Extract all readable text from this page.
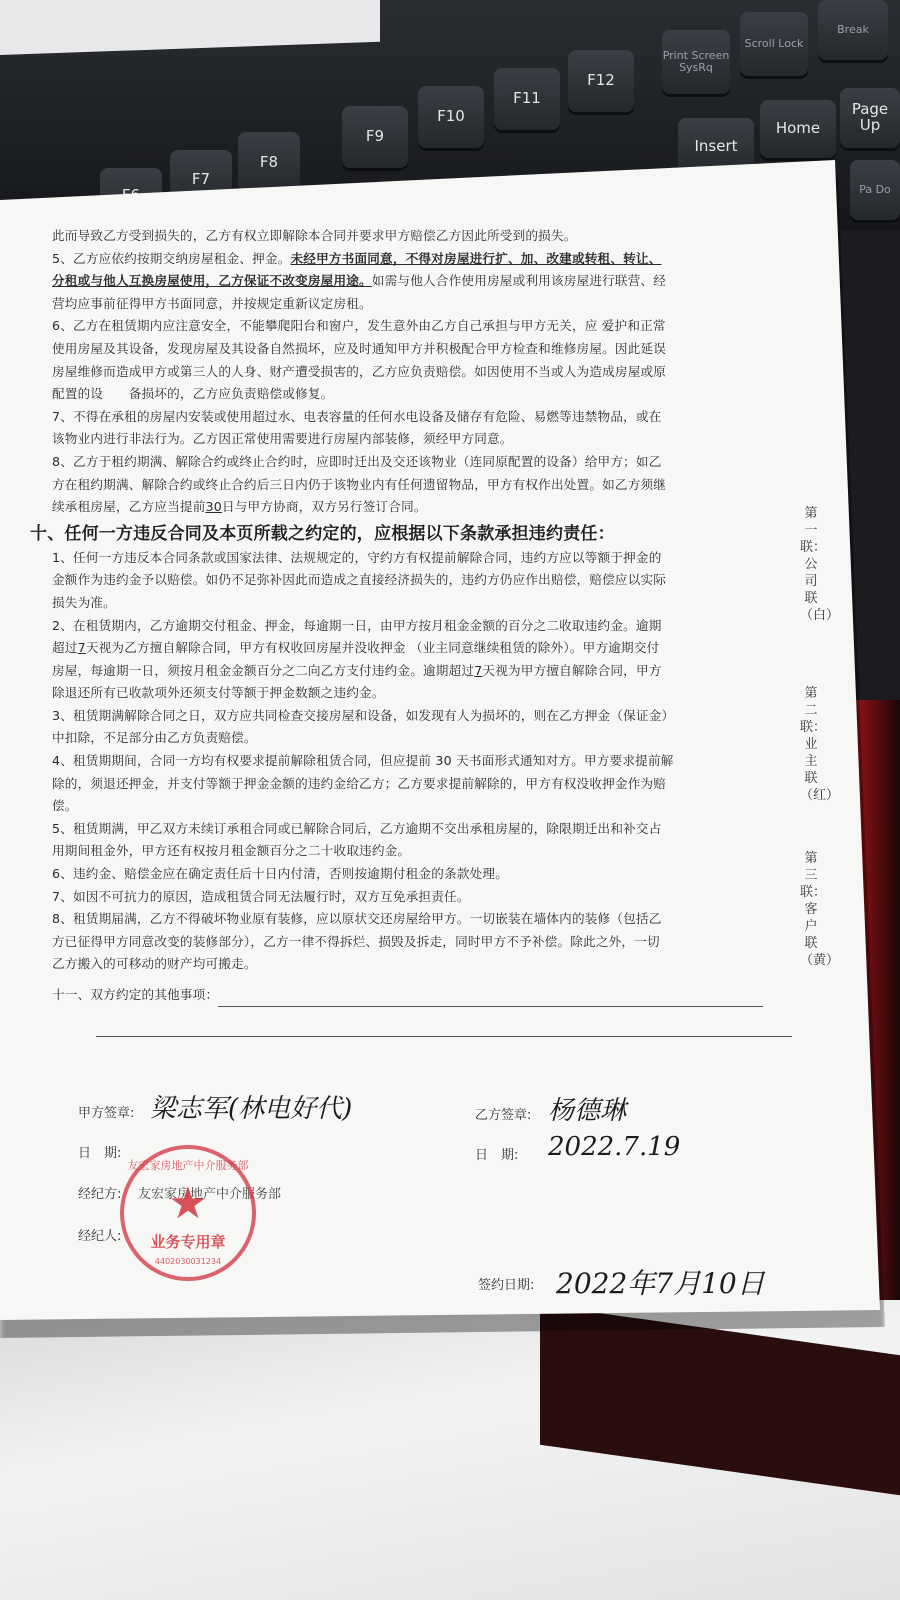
F7
F8
F9
F10
F11
F12
Print Screen SysRq
Scroll Lock
Break
Insert
Home
Page Up
Pa Do

此而导致乙方受到损失的，乙方有权立即解除本合同并要求甲方赔偿乙方因此所受到的损失。

5、乙方应依约按期交纳房屋租金、押金。未经甲方书面同意，不得对房屋进行扩、加、改建或转租、转让、

分租或与他人互换房屋使用，乙方保证不改变房屋用途。如需与他人合作使用房屋或利用该房屋进行联营、经

营均应事前征得甲方书面同意，并按规定重新议定房租。

6、乙方在租赁期内应注意安全，不能攀爬阳台和窗户，发生意外由乙方自己承担与甲方无关，应 爱护和正常

使用房屋及其设备，发现房屋及其设备自然损坏，应及时通知甲方并积极配合甲方检查和维修房屋。因此延误

房屋维修而造成甲方或第三人的人身、财产遭受损害的，乙方应负责赔偿。如因使用不当或人为造成房屋或原

配置的设　　备损坏的，乙方应负责赔偿或修复。

7、不得在承租的房屋内安装或使用超过水、电表容量的任何水电设备及储存有危险、易燃等违禁物品，或在

该物业内进行非法行为。乙方因正常使用需要进行房屋内部装修，须经甲方同意。

8、乙方于租约期满、解除合约或终止合约时，应即时迁出及交还该物业（连同原配置的设备）给甲方；如乙

方在租约期满、解除合约或终止合约后三日内仍于该物业内有任何遗留物品，甲方有权作出处置。如乙方须继

续承租房屋，乙方应当提前30日与甲方协商，双方另行签订合同。

十、任何一方违反合同及本页所载之约定的，应根据以下条款承担违约责任：

1、任何一方违反本合同条款或国家法律、法规规定的，守约方有权提前解除合同，违约方应以等额于押金的

金额作为违约金予以赔偿。如仍不足弥补因此而造成之直接经济损失的，违约方仍应作出赔偿，赔偿应以实际

损失为准。

2、在租赁期内，乙方逾期交付租金、押金，每逾期一日，由甲方按月租金金额的百分之二收取违约金。逾期

超过7天视为乙方擅自解除合同，甲方有权收回房屋并没收押金 （业主同意继续租赁的除外）。甲方逾期交付

房屋，每逾期一日，须按月租金金额百分之二向乙方支付违约金。逾期超过7天视为甲方擅自解除合同，甲方

除退还所有已收款项外还须支付等额于押金数额之违约金。

3、租赁期满解除合同之日，双方应共同检查交接房屋和设备，如发现有人为损坏的，则在乙方押金（保证金）

中扣除，不足部分由乙方负责赔偿。

4、租赁期期间，合同一方均有权要求提前解除租赁合同，但应提前 30 天书面形式通知对方。甲方要求提前解

除的，须退还押金，并支付等额于押金金额的违约金给乙方；乙方要求提前解除的，甲方有权没收押金作为赔

偿。

5、租赁期满，甲乙双方未续订承租合同或已解除合同后，乙方逾期不交出承租房屋的，除限期迁出和补交占

用期间租金外，甲方还有权按月租金额百分之二十收取违约金。

6、违约金、赔偿金应在确定责任后十日内付清，否则按逾期付租金的条款处理。

7、如因不可抗力的原因，造成租赁合同无法履行时，双方互免承担责任。

8、租赁期届满，乙方不得破坏物业原有装修，应以原状交还房屋给甲方。一切嵌装在墙体内的装修（包括乙

方已征得甲方同意改变的装修部分），乙方一律不得拆烂、损毁及拆走，同时甲方不予补偿。除此之外，一切

乙方搬入的可移动的财产均可搬走。

十一、双方约定的其他事项：

第一联：公司联（白）
第二联：业主联（红）
第三联：客户联（黄）
甲方签章: 梁志军(林电好代)	乙方签章: 杨德琳
日　期:	日　期: 2022.7.19
经纪方: 友宏家房地产中介服务部
经纪人:
签约日期: 2022年7月10日
友宏家房地产中介服务部
★
业务专用章
4402030031234
